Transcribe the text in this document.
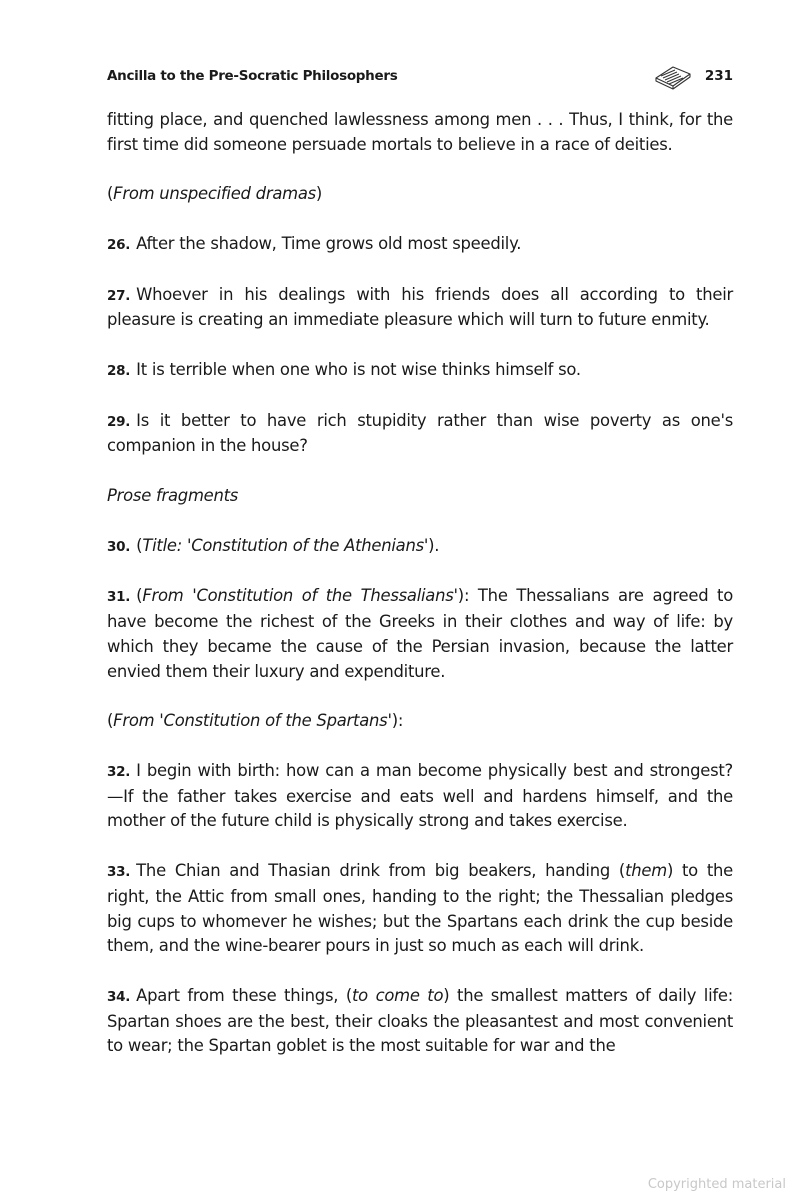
Ancilla to the Pre-Socratic Philosophers	231

fitting place, and quenched lawlessness among men . . . Thus, I think, for the first time did someone persuade mortals to believe in a race of deities.

(From unspecified dramas)

26. After the shadow, Time grows old most speedily.

27. Whoever in his dealings with his friends does all according to their pleasure is creating an immediate pleasure which will turn to future enmity.

28. It is terrible when one who is not wise thinks himself so.

29. Is it better to have rich stupidity rather than wise poverty as one's companion in the house?

Prose fragments

30. (Title: 'Constitution of the Athenians').

31. (From 'Constitution of the Thessalians'): The Thessalians are agreed to have become the richest of the Greeks in their clothes and way of life: by which they became the cause of the Persian invasion, because the latter envied them their luxury and expenditure.

(From 'Constitution of the Spartans'):

32. I begin with birth: how can a man become physically best and strongest?—If the father takes exercise and eats well and hardens himself, and the mother of the future child is physically strong and takes exercise.

33. The Chian and Thasian drink from big beakers, handing (them) to the right, the Attic from small ones, handing to the right; the Thessalian pledges big cups to whomever he wishes; but the Spartans each drink the cup beside them, and the wine-bearer pours in just so much as each will drink.

34. Apart from these things, (to come to) the smallest matters of daily life: Spartan shoes are the best, their cloaks the pleasantest and most convenient to wear; the Spartan goblet is the most suitable for war and the

Copyrighted material
